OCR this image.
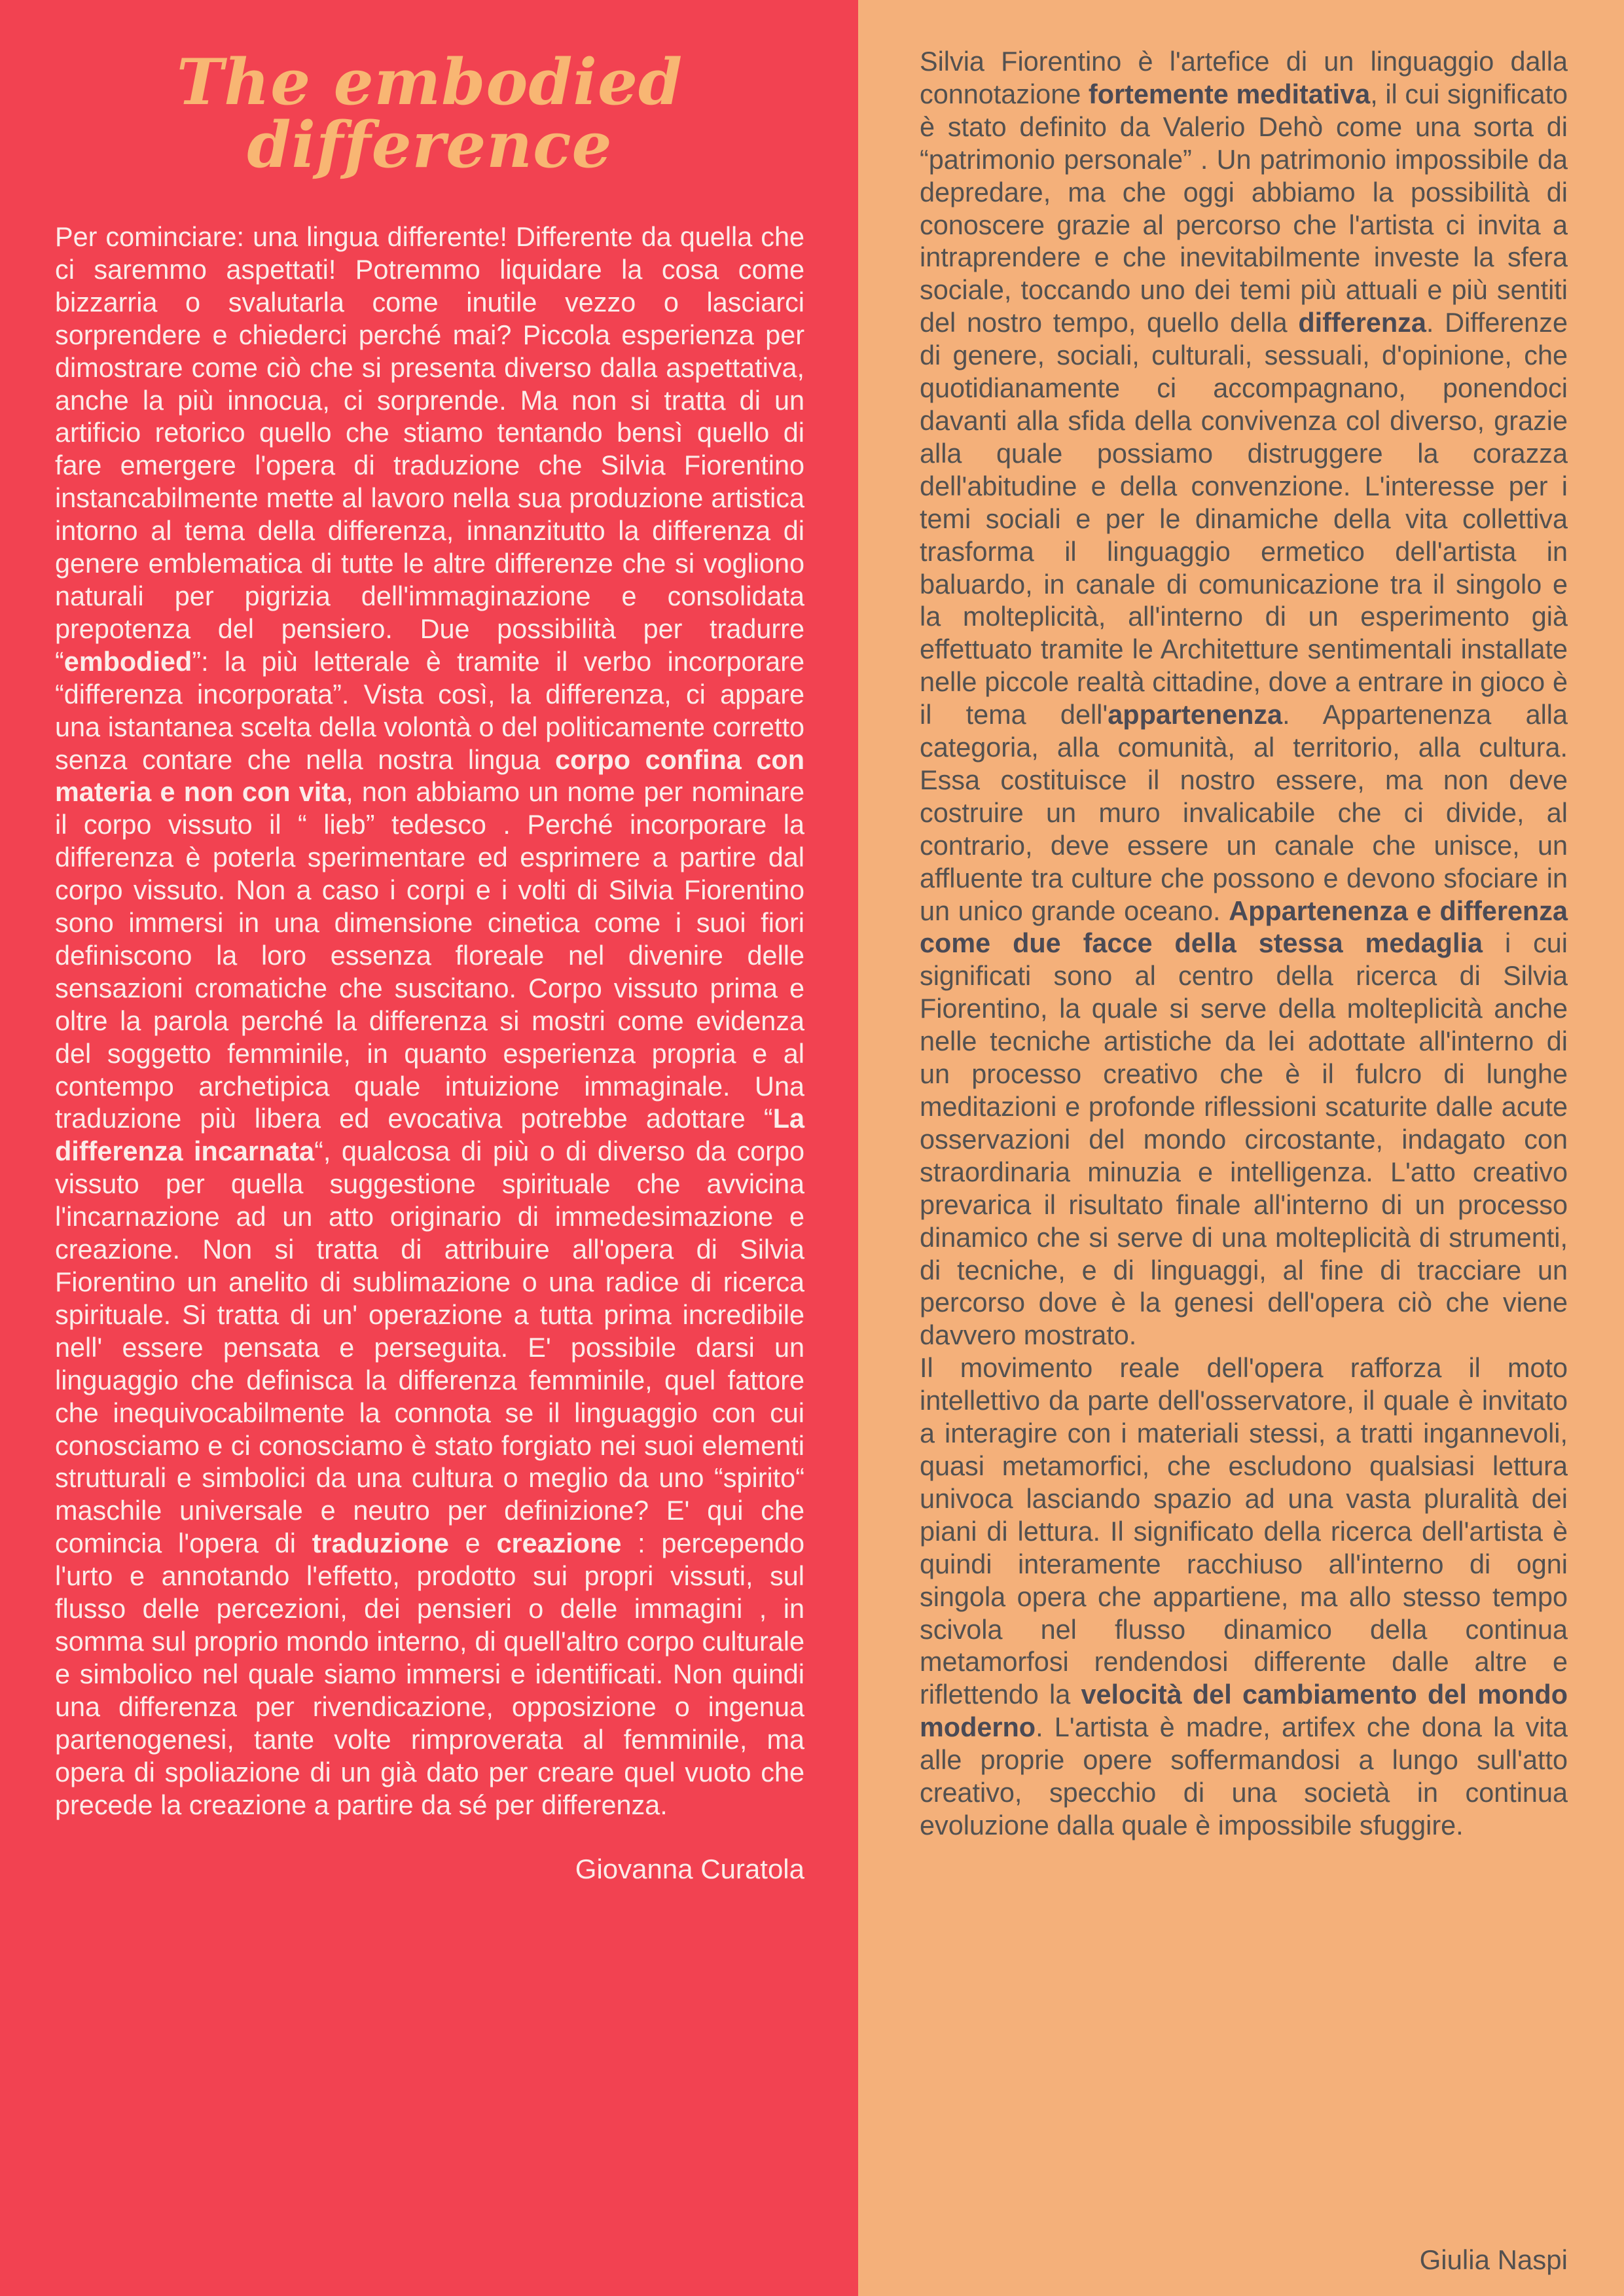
The embodied difference

Per cominciare: una lingua differente! Differente da quella che ci saremmo aspettati! Potremmo liquidare la cosa come bizzarria o svalutarla come inutile vezzo o lasciarci sorprendere e chiederci perché mai? Piccola esperienza per dimostrare come ciò che si presenta diverso dalla aspettativa, anche la più innocua, ci sorprende. Ma non si tratta di un artificio retorico quello che stiamo tentando bensì quello di fare emergere l'opera di traduzione che Silvia Fiorentino instancabilmente mette al lavoro nella sua produzione artistica intorno al tema della differenza, innanzitutto la differenza di genere emblematica di tutte le altre differenze che si vogliono naturali per pigrizia dell'immaginazione e consolidata prepotenza del pensiero. Due possibilità per tradurre “embodied”: la più letterale è tramite il verbo incorporare “differenza incorporata”. Vista così, la differenza, ci appare una istantanea scelta della volontà o del politicamente corretto senza contare che nella nostra lingua corpo confina con materia e non con vita, non abbiamo un nome per nominare il corpo vissuto il “ lieb” tedesco . Perché incorporare la differenza è poterla sperimentare ed esprimere a partire dal corpo vissuto. Non a caso i corpi e i volti di Silvia Fiorentino sono immersi in una dimensione cinetica come i suoi fiori definiscono la loro essenza floreale nel divenire delle sensazioni cromatiche che suscitano. Corpo vissuto prima e oltre la parola perché la differenza si mostri come evidenza del soggetto femminile, in quanto esperienza propria e al contempo archetipica quale intuizione immaginale. Una traduzione più libera ed evocativa potrebbe adottare “La differenza incarnata“, qualcosa di più o di diverso da corpo vissuto per quella suggestione spirituale che avvicina l'incarnazione ad un atto originario di immedesimazione e creazione. Non si tratta di attribuire all'opera di Silvia Fiorentino un anelito di sublimazione o una radice di ricerca spirituale. Si tratta di un' operazione a tutta prima incredibile nell' essere pensata e perseguita. E' possibile darsi un linguaggio che definisca la differenza femminile, quel fattore che inequivocabilmente la connota se il linguaggio con cui conosciamo e ci conosciamo è stato forgiato nei suoi elementi strutturali e simbolici da una cultura o meglio da uno “spirito“ maschile universale e neutro per definizione? E' qui che comincia l'opera di traduzione e creazione : percependo l'urto e annotando l'effetto, prodotto sui propri vissuti, sul flusso delle percezioni, dei pensieri o delle immagini , in somma sul proprio mondo interno, di quell'altro corpo culturale e simbolico nel quale siamo immersi e identificati. Non quindi una differenza per rivendicazione, opposizione o ingenua partenogenesi, tante volte rimproverata al femminile, ma opera di spoliazione di un già dato per creare quel vuoto che precede la creazione a partire da sé per differenza.

Giovanna Curatola

Silvia Fiorentino è l'artefice di un linguaggio dalla connotazione fortemente meditativa, il cui significato è stato definito da Valerio Dehò come una sorta di “patrimonio personale” . Un patrimonio impossibile da depredare, ma che oggi abbiamo la possibilità di conoscere grazie al percorso che l'artista ci invita a intraprendere e che inevitabilmente investe la sfera sociale, toccando uno dei temi più attuali e più sentiti del nostro tempo, quello della differenza. Differenze di genere, sociali, culturali, sessuali, d'opinione, che quotidianamente ci accompagnano, ponendoci davanti alla sfida della convivenza col diverso, grazie alla quale possiamo distruggere la corazza dell'abitudine e della convenzione. L'interesse per i temi sociali e per le dinamiche della vita collettiva trasforma il linguaggio ermetico dell'artista in baluardo, in canale di comunicazione tra il singolo e la molteplicità, all'interno di un esperimento già effettuato tramite le Architetture sentimentali installate nelle piccole realtà cittadine, dove a entrare in gioco è il tema dell'appartenenza. Appartenenza alla categoria, alla comunità, al territorio, alla cultura. Essa costituisce il nostro essere, ma non deve costruire un muro invalicabile che ci divide, al contrario, deve essere un canale che unisce, un affluente tra culture che possono e devono sfociare in un unico grande oceano. Appartenenza e differenza come due facce della stessa medaglia i cui significati sono al centro della ricerca di Silvia Fiorentino, la quale si serve della molteplicità anche nelle tecniche artistiche da lei adottate all'interno di un processo creativo che è il fulcro di lunghe meditazioni e profonde riflessioni scaturite dalle acute osservazioni del mondo circostante, indagato con straordinaria minuzia e intelligenza. L'atto creativo prevarica il risultato finale all'interno di un processo dinamico che si serve di una molteplicità di strumenti, di tecniche, e di linguaggi, al fine di tracciare un percorso dove è la genesi dell'opera ciò che viene davvero mostrato.

Il movimento reale dell'opera rafforza il moto intellettivo da parte dell'osservatore, il quale è invitato a interagire con i materiali stessi, a tratti ingannevoli, quasi metamorfici, che escludono qualsiasi lettura univoca lasciando spazio ad una vasta pluralità dei piani di lettura. Il significato della ricerca dell'artista è quindi interamente racchiuso all'interno di ogni singola opera che appartiene, ma allo stesso tempo scivola nel flusso dinamico della continua metamorfosi rendendosi differente dalle altre e riflettendo la velocità del cambiamento del mondo moderno. L'artista è madre, artifex che dona la vita alle proprie opere soffermandosi a lungo sull'atto creativo, specchio di una società in continua evoluzione dalla quale è impossibile sfuggire.

Giulia Naspi
